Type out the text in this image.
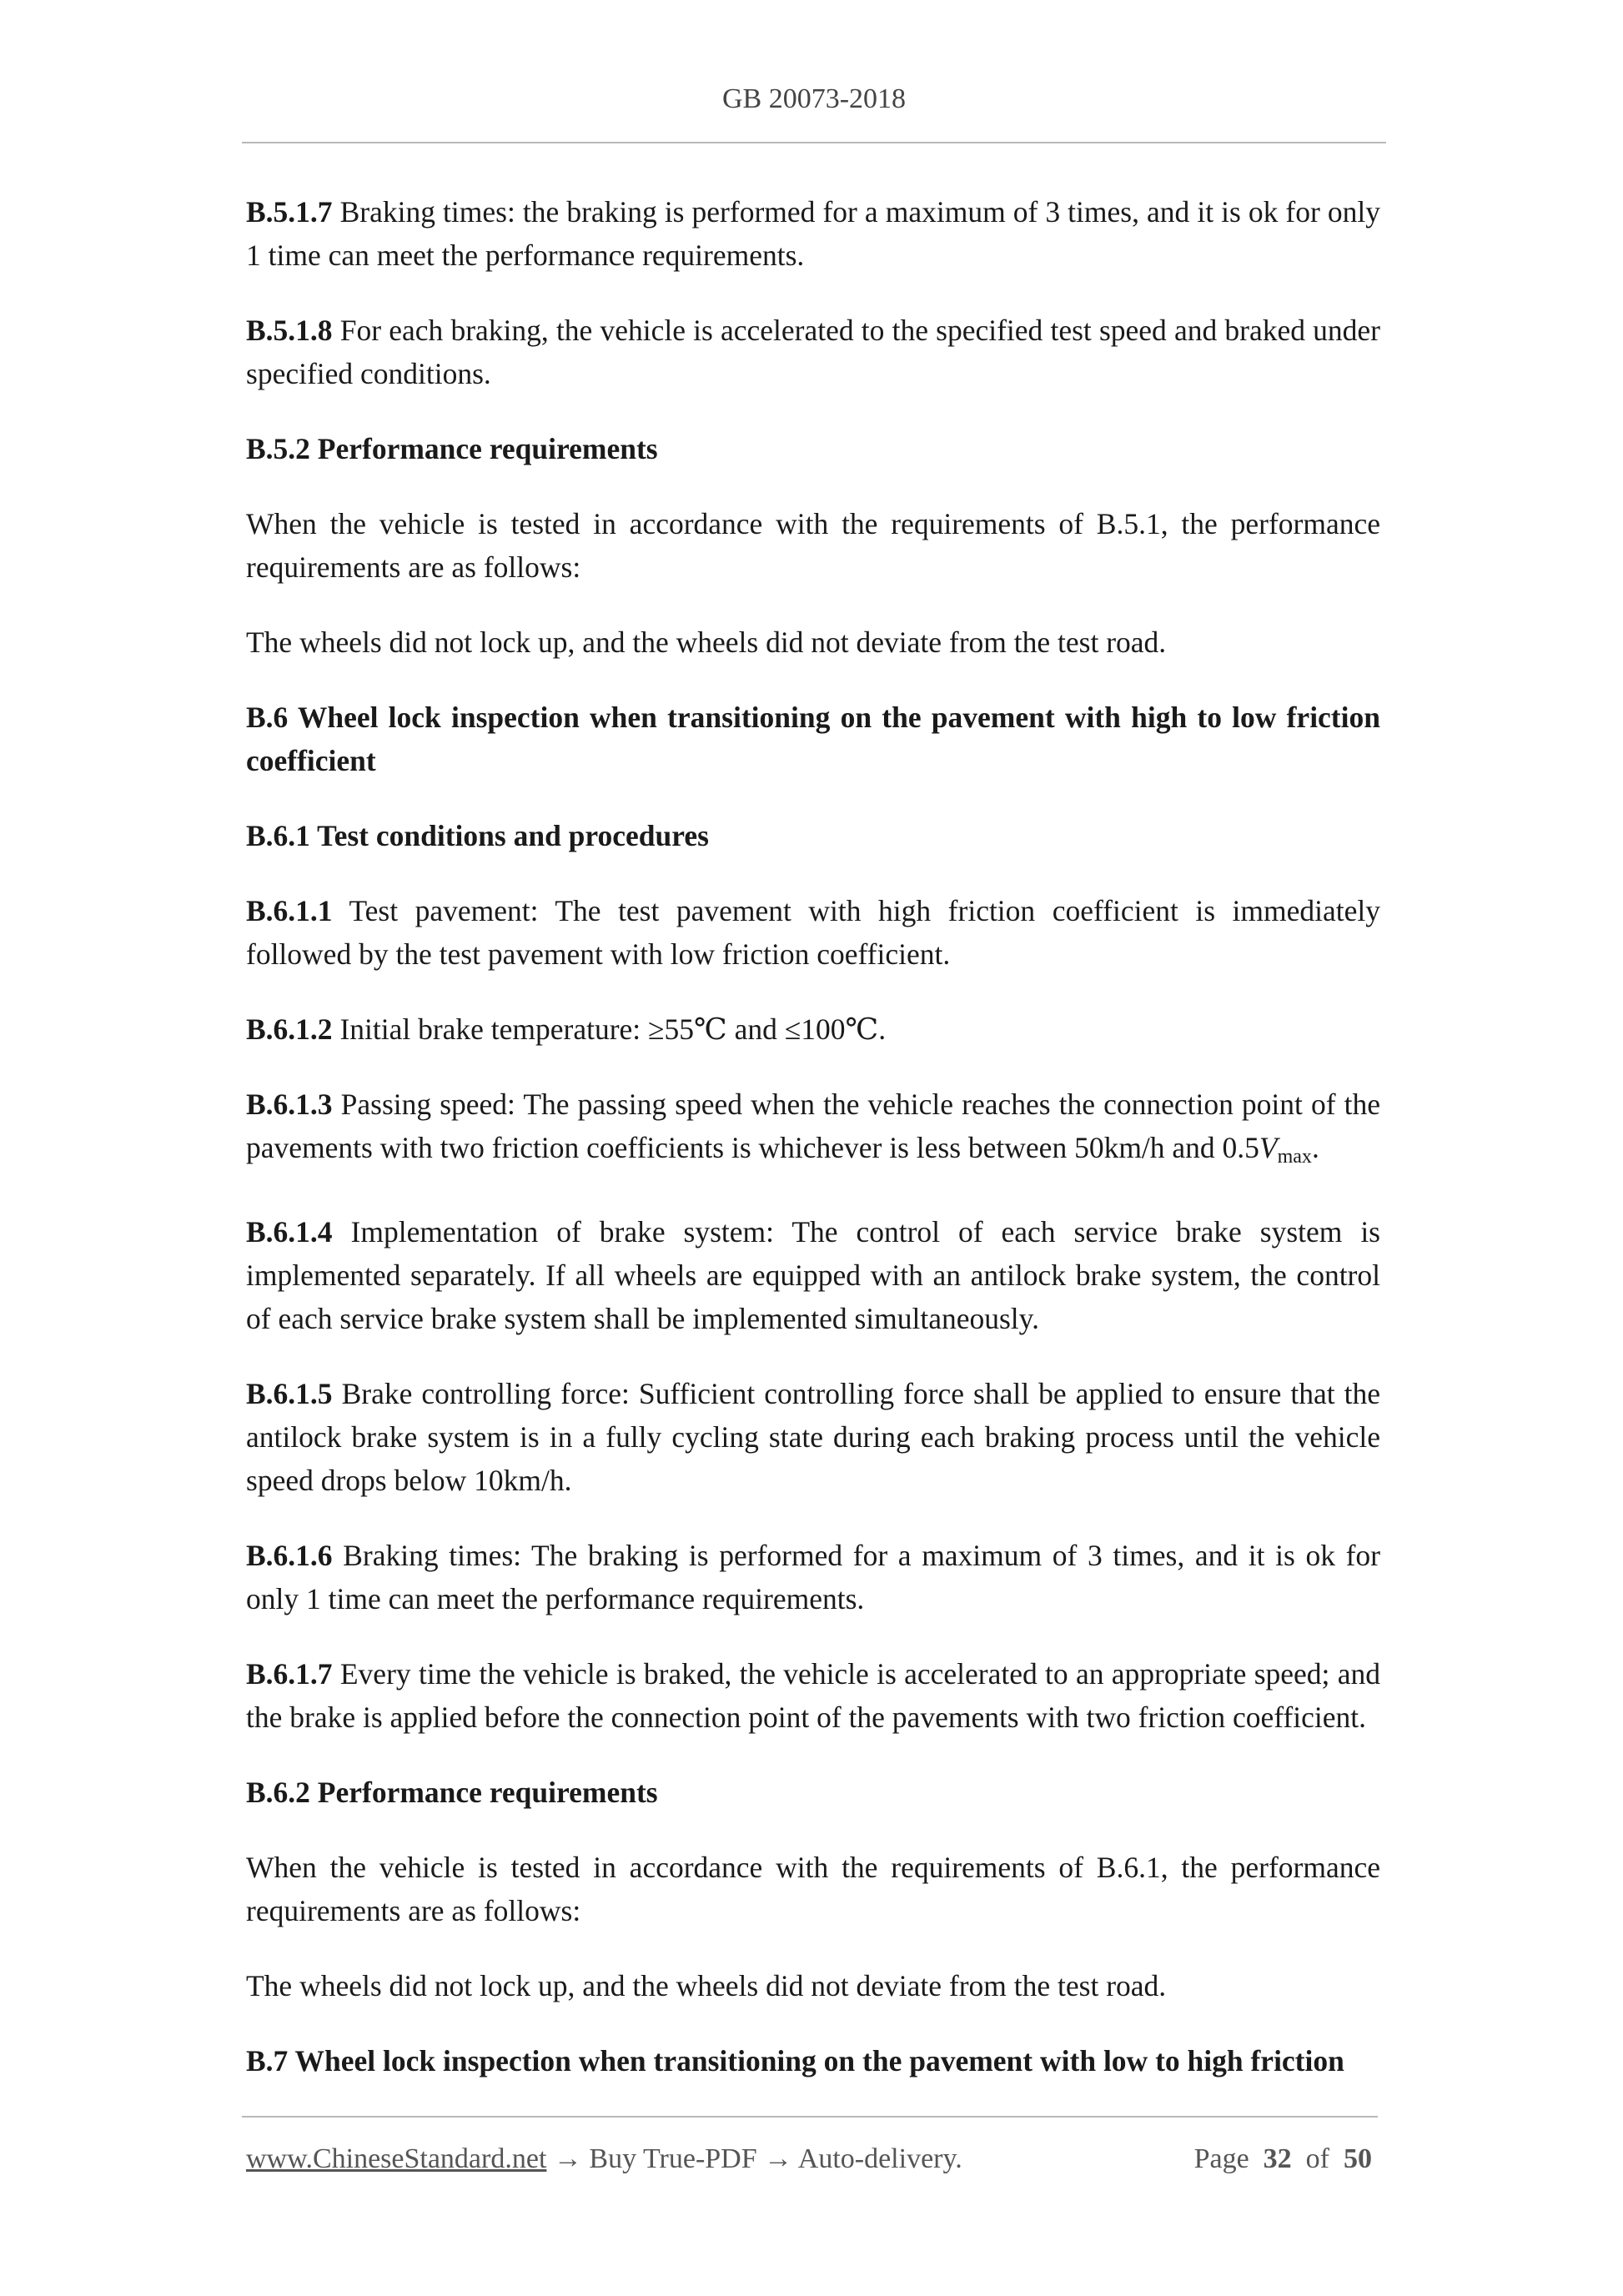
GB 20073-2018

B.5.1.7 Braking times: the braking is performed for a maximum of 3 times, and it is ok for only 1 time can meet the performance requirements.

B.5.1.8 For each braking, the vehicle is accelerated to the specified test speed and braked under specified conditions.

B.5.2 Performance requirements

When the vehicle is tested in accordance with the requirements of B.5.1, the performance requirements are as follows:

The wheels did not lock up, and the wheels did not deviate from the test road.

B.6 Wheel lock inspection when transitioning on the pavement with high to low friction coefficient

B.6.1 Test conditions and procedures

B.6.1.1 Test pavement: The test pavement with high friction coefficient is immediately followed by the test pavement with low friction coefficient.

B.6.1.2 Initial brake temperature: ≥55℃ and ≤100℃.

B.6.1.3 Passing speed: The passing speed when the vehicle reaches the connection point of the pavements with two friction coefficients is whichever is less between 50km/h and $0.5V_{max}$.

B.6.1.4 Implementation of brake system: The control of each service brake system is implemented separately. If all wheels are equipped with an antilock brake system, the control of each service brake system shall be implemented simultaneously.

B.6.1.5 Brake controlling force: Sufficient controlling force shall be applied to ensure that the antilock brake system is in a fully cycling state during each braking process until the vehicle speed drops below 10km/h.

B.6.1.6 Braking times: The braking is performed for a maximum of 3 times, and it is ok for only 1 time can meet the performance requirements.

B.6.1.7 Every time the vehicle is braked, the vehicle is accelerated to an appropriate speed; and the brake is applied before the connection point of the pavements with two friction coefficient.

B.6.2 Performance requirements

When the vehicle is tested in accordance with the requirements of B.6.1, the performance requirements are as follows:

The wheels did not lock up, and the wheels did not deviate from the test road.

B.7 Wheel lock inspection when transitioning on the pavement with low to high friction

www.ChineseStandard.net → Buy True-PDF → Auto-delivery.	Page 32 of 50
